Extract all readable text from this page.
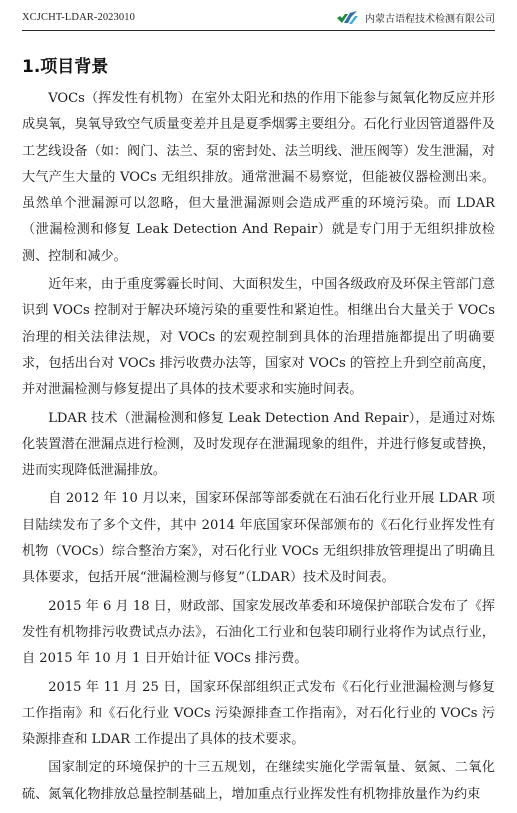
XCJCHT-LDAR-2023010	内蒙古语程技术检测有限公司
1.项目背景

VOCs（挥发性有机物）在室外太阳光和热的作用下能参与氮氧化物反应并形成臭氧，臭氧导致空气质量变差并且是夏季烟雾主要组分。石化行业因管道器件及工艺线设备（如：阀门、法兰、泵的密封处、法兰明线、泄压阀等）发生泄漏，对大气产生大量的 VOCs 无组织排放。通常泄漏不易察觉，但能被仪器检测出来。虽然单个泄漏源可以忽略，但大量泄漏源则会造成严重的环境污染。而 LDAR（泄漏检测和修复 Leak Detection And Repair）就是专门用于无组织排放检测、控制和减少。

近年来，由于重度雾霾长时间、大面积发生，中国各级政府及环保主管部门意识到 VOCs 控制对于解决环境污染的重要性和紧迫性。相继出台大量关于 VOCs 治理的相关法律法规，对 VOCs 的宏观控制到具体的治理措施都提出了明确要求，包括出台对 VOCs 排污收费办法等，国家对 VOCs 的管控上升到空前高度，并对泄漏检测与修复提出了具体的技术要求和实施时间表。

LDAR 技术（泄漏检测和修复 Leak Detection And Repair），是通过对炼化装置潜在泄漏点进行检测，及时发现存在泄漏现象的组件，并进行修复或替换，进而实现降低泄漏排放。

自 2012 年 10 月以来，国家环保部等部委就在石油石化行业开展 LDAR 项目陆续发布了多个文件，其中 2014 年底国家环保部颁布的《石化行业挥发性有机物（VOCs）综合整治方案》，对石化行业 VOCs 无组织排放管理提出了明确且具体要求，包括开展“泄漏检测与修复”（LDAR）技术及时间表。

2015 年 6 月 18 日，财政部、国家发展改革委和环境保护部联合发布了《挥发性有机物排污收费试点办法》，石油化工行业和包装印刷行业将作为试点行业，自 2015 年 10 月 1 日开始计征 VOCs 排污费。

2015 年 11 月 25 日，国家环保部组织正式发布《石化行业泄漏检测与修复工作指南》和《石化行业 VOCs 污染源排查工作指南》，对石化行业的 VOCs 污染源排查和 LDAR 工作提出了具体的技术要求。

国家制定的环境保护的十三五规划，在继续实施化学需氧量、氨氮、二氧化硫、氮氧化物排放总量控制基础上，增加重点行业挥发性有机物排放量作为约束
